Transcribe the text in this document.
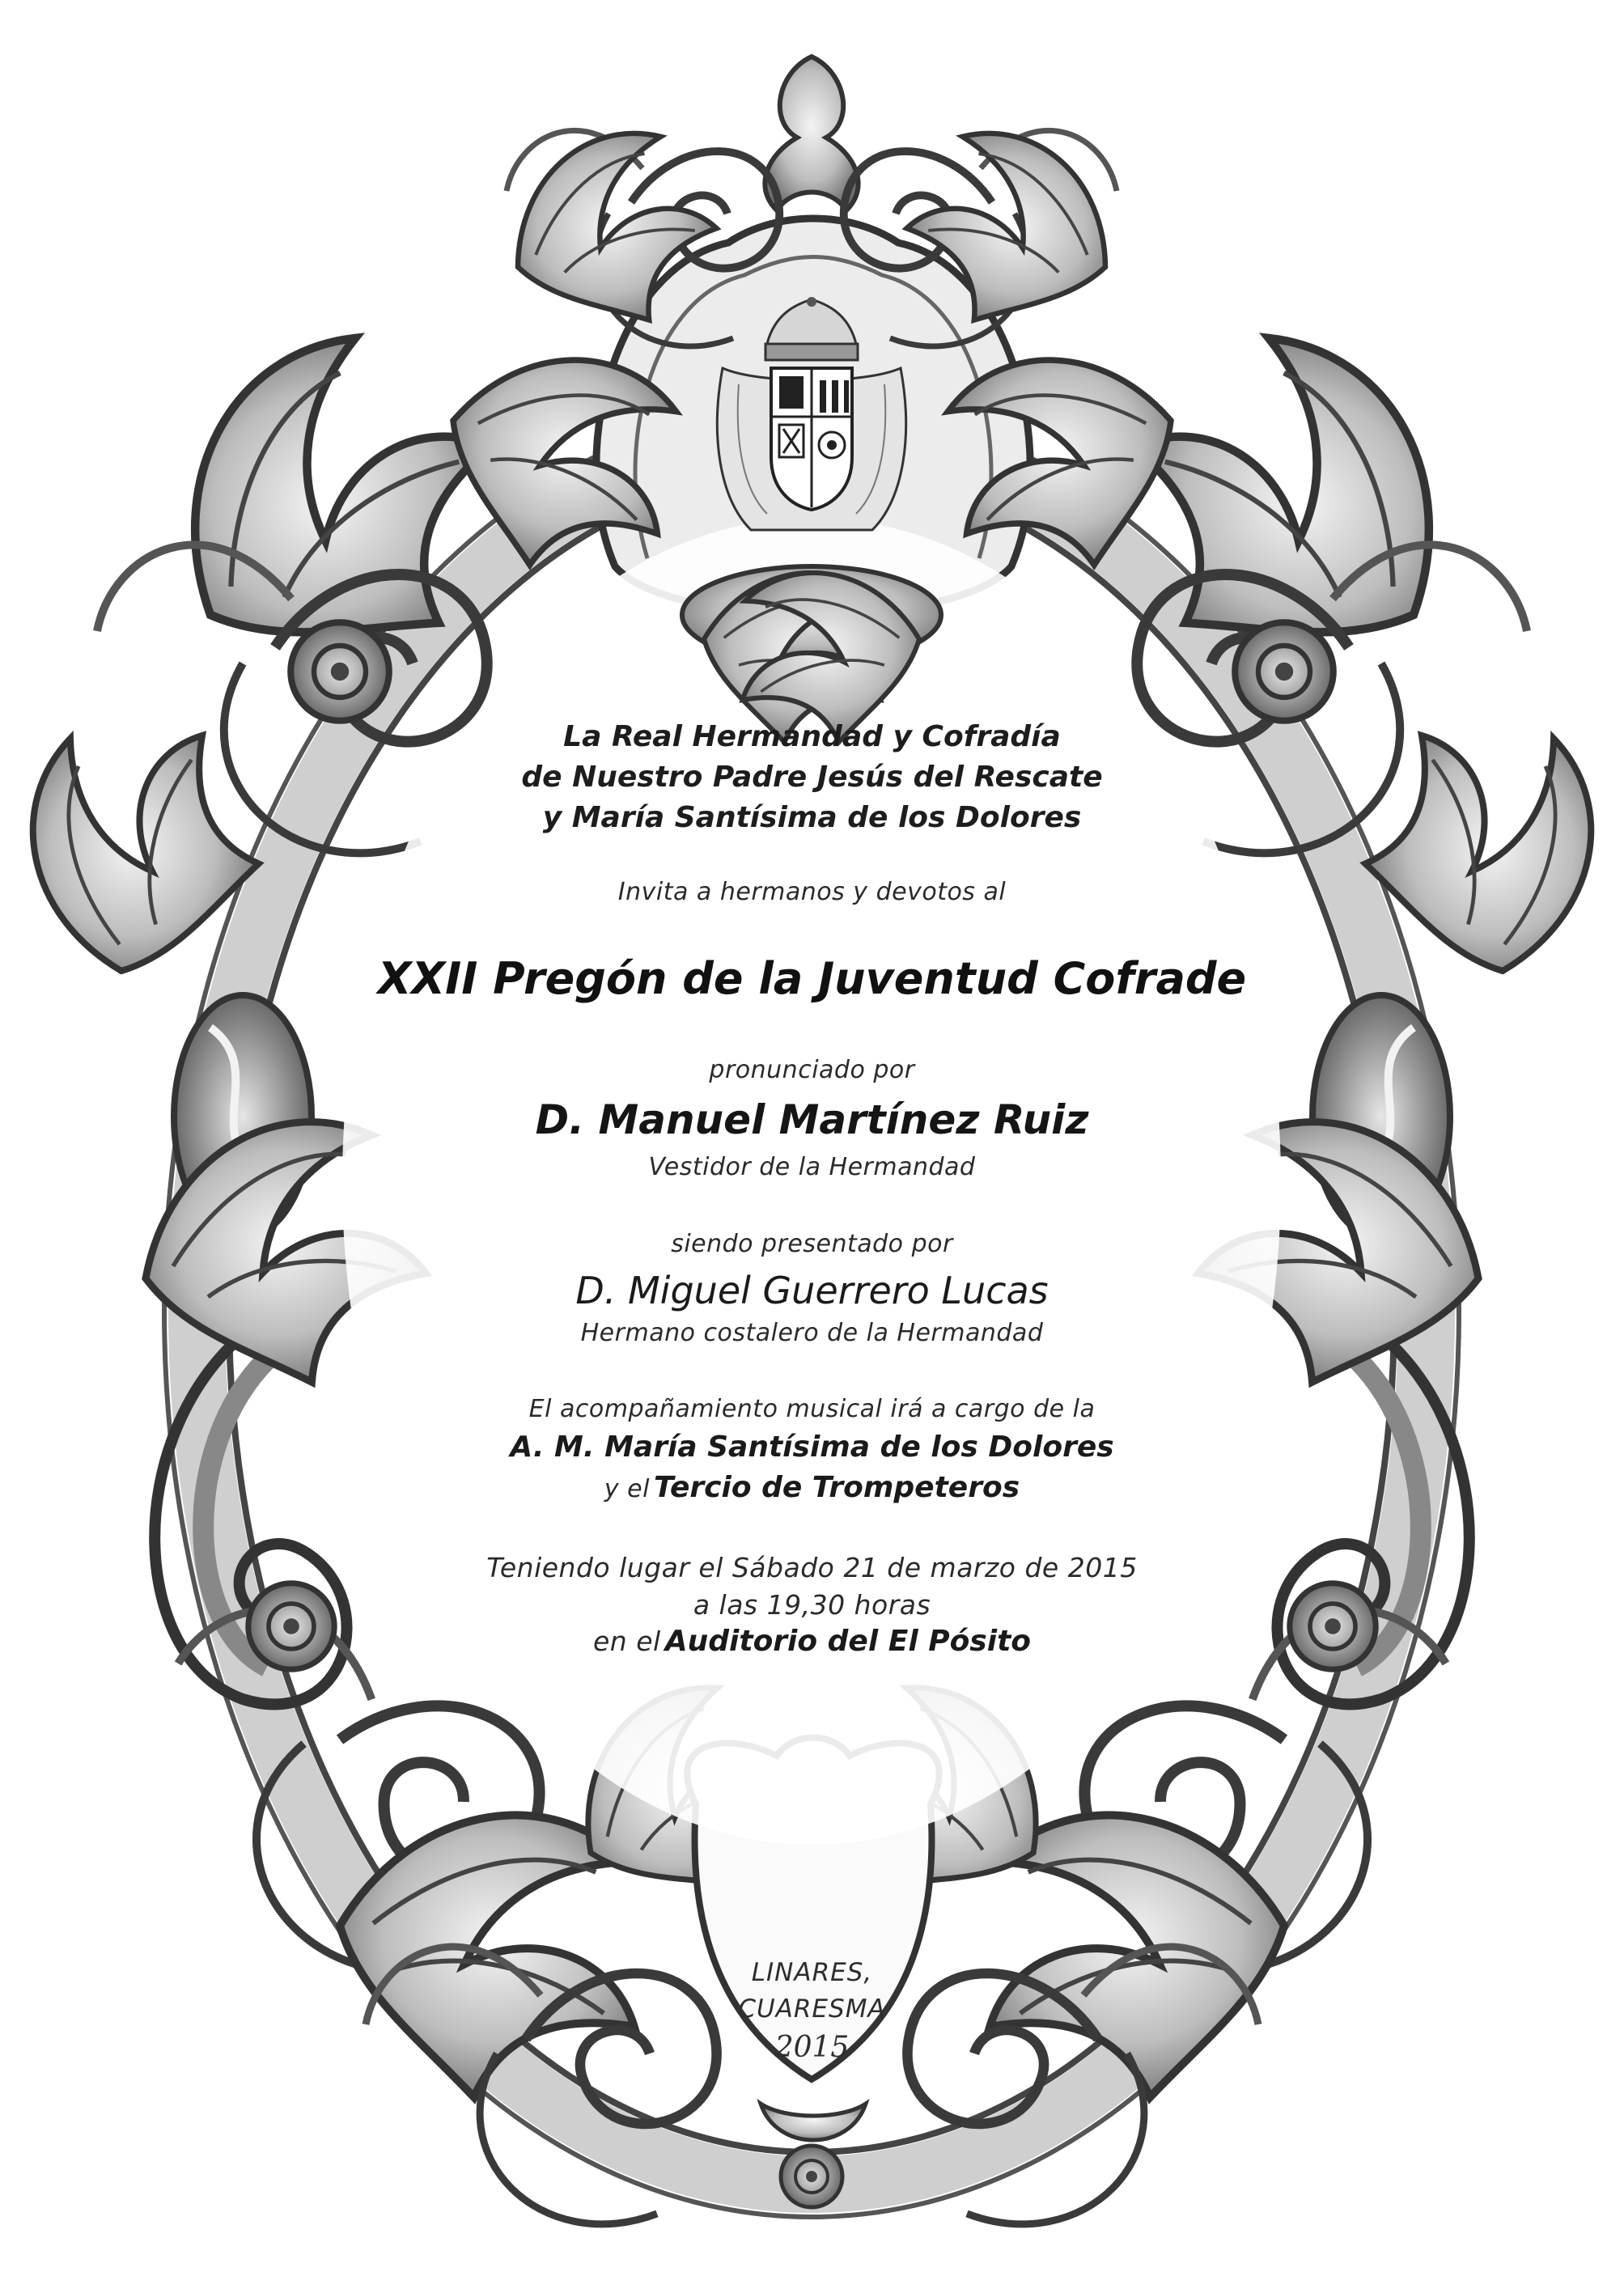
La Real Hermandad y Cofradía
de Nuestro Padre Jesús del Rescate
y María Santísima de los Dolores
Invita a hermanos y devotos al
XXII Pregón de la Juventud Cofrade
pronunciado por
D. Manuel Martínez Ruiz
Vestidor de la Hermandad
siendo presentado por
D. Miguel Guerrero Lucas
Hermano costalero de la Hermandad
El acompañamiento musical irá a cargo de la
A. M. María Santísima de los Dolores
y el Tercio de Trompeteros
Teniendo lugar el Sábado 21 de marzo de 2015
a las 19,30 horas
en el Auditorio del El Pósito
LINARES,
CUARESMA
2015
